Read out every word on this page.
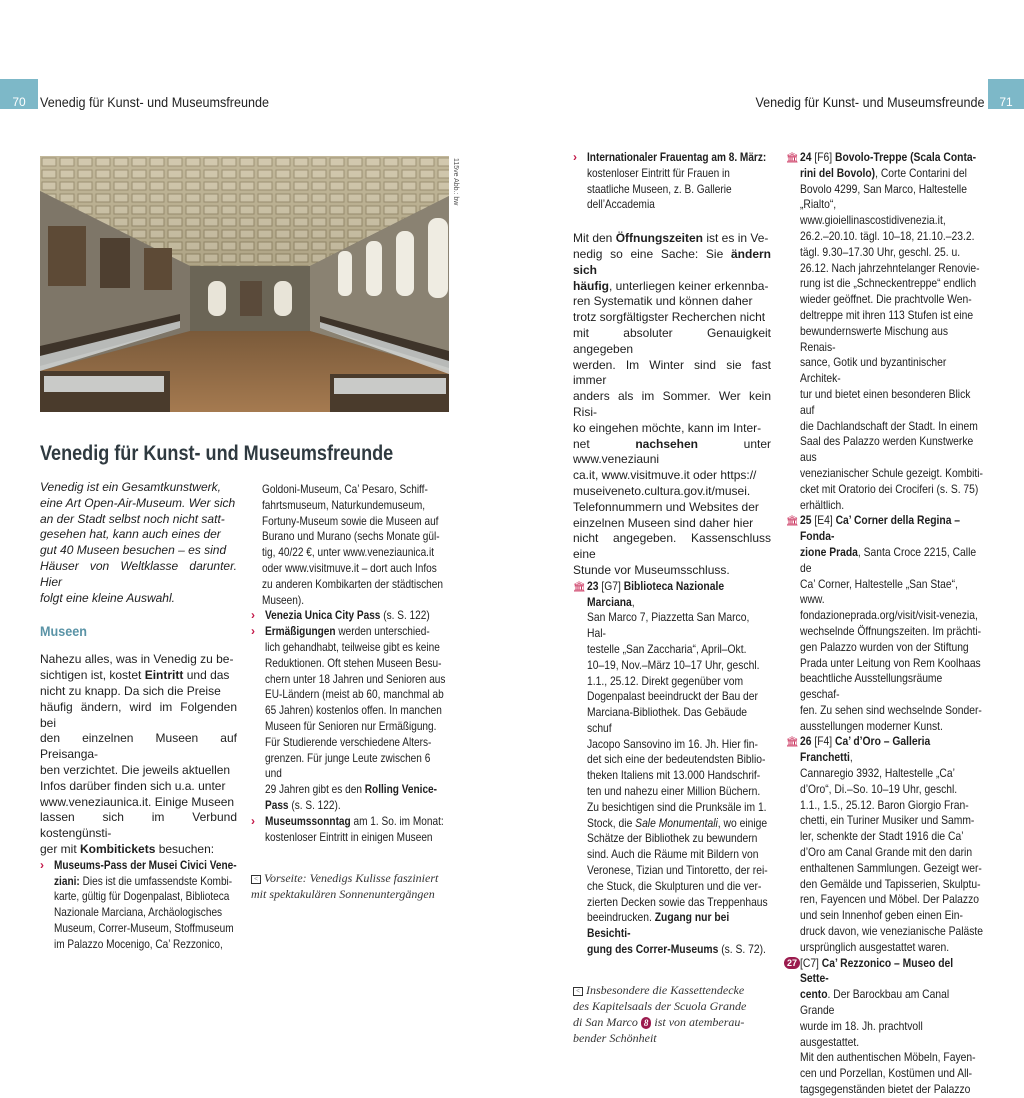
70	Venedig für Kunst- und Museumsfreunde	Venedig für Kunst- und Museumsfreunde	71
115ve Abb.: bw
Venedig für Kunst- und Museumsfreunde
Venedig ist ein Gesamtkunstwerk,
eine Art Open-Air-Museum. Wer sich
an der Stadt selbst noch nicht satt-
gesehen hat, kann auch eines der
gut 40 Museen besuchen – es sind
Häuser von Weltklasse darunter. Hier
folgt eine kleine Auswahl.
Museen
Nahezu alles, was in Venedig zu be-
sichtigen ist, kostet Eintritt und das
nicht zu knapp. Da sich die Preise
häufig ändern, wird im Folgenden bei
den einzelnen Museen auf Preisanga-
ben verzichtet. Die jeweils aktuellen
Infos darüber finden sich u.a. unter
www.veneziaunica.it. Einige Museen
lassen sich im Verbund kostengünsti-
ger mit Kombitickets besuchen:
› Museums-Pass der Musei Civici Vene-
ziani: Dies ist die umfassendste Kombi-
karte, gültig für Dogenpalast, Biblioteca
Nazionale Marciana, Archäologisches
Museum, Correr-Museum, Stoffmuseum
im Palazzo Mocenigo, Ca’ Rezzonico,
Goldoni-Museum, Ca’ Pesaro, Schiff-
fahrtsmuseum, Naturkundemuseum,
Fortuny-Museum sowie die Museen auf
Burano und Murano (sechs Monate gül-
tig, 40/22 €, unter www.veneziaunica.it
oder www.visitmuve.it – dort auch Infos
zu anderen Kombikarten der städtischen
Museen).
› Venezia Unica City Pass (s. S. 122)
› Ermäßigungen werden unterschied-
lich gehandhabt, teilweise gibt es keine
Reduktionen. Oft stehen Museen Besu-
chern unter 18 Jahren und Senioren aus
EU-Ländern (meist ab 60, manchmal ab
65 Jahren) kostenlos offen. In manchen
Museen für Senioren nur Ermäßigung.
Für Studierende verschiedene Alters-
grenzen. Für junge Leute zwischen 6 und
29 Jahren gibt es den Rolling Venice-
Pass (s. S. 122).
› Museumssonntag am 1. So. im Monat:
kostenloser Eintritt in einigen Museen
< Vorseite: Venedigs Kulisse fasziniert
mit spektakulären Sonnenuntergängen
› Internationaler Frauentag am 8. März:
kostenloser Eintritt für Frauen in
staatliche Museen, z. B. Gallerie
dell’Accademia
Mit den Öffnungszeiten ist es in Ve-
nedig so eine Sache: Sie ändern sich
häufig, unterliegen keiner erkennba-
ren Systematik und können daher
trotz sorgfältigster Recherchen nicht
mit absoluter Genauigkeit angegeben
werden. Im Winter sind sie fast immer
anders als im Sommer. Wer kein Risi-
ko eingehen möchte, kann im Inter-
net nachsehen unter www.veneziauni
ca.it, www.visitmuve.it oder https://
museiveneto.cultura.gov.it/musei.
Telefonnummern und Websites der
einzelnen Museen sind daher hier
nicht angegeben. Kassenschluss eine
Stunde vor Museumsschluss.
🏛 23 [G7] Biblioteca Nazionale Marciana,
San Marco 7, Piazzetta San Marco, Hal-
testelle „San Zaccharia“, April–Okt.
10–19, Nov.–März 10–17 Uhr, geschl.
1.1., 25.12. Direkt gegenüber vom
Dogenpalast beeindruckt der Bau der
Marciana-Bibliothek. Das Gebäude schuf
Jacopo Sansovino im 16. Jh. Hier fin-
det sich eine der bedeutendsten Biblio-
theken Italiens mit 13.000 Handschrif-
ten und nahezu einer Million Büchern.
Zu besichtigen sind die Prunksäle im 1.
Stock, die Sale Monumentali, wo einige
Schätze der Bibliothek zu bewundern
sind. Auch die Räume mit Bildern von
Veronese, Tizian und Tintoretto, der rei-
che Stuck, die Skulpturen und die ver-
zierten Decken sowie das Treppenhaus
beeindrucken. Zugang nur bei Besichti-
gung des Correr-Museums (s. S. 72).
< Insbesondere die Kassettendecke
des Kapitelsaals der Scuola Grande
di San Marco 8 ist von atemberau-
bender Schönheit
🏛 24 [F6] Bovolo-Treppe (Scala Conta-
rini del Bovolo), Corte Contarini del
Bovolo 4299, San Marco, Haltestelle
„Rialto“, www.gioiellinascostidivenezia.it,
26.2.–20.10. tägl. 10–18, 21.10.–23.2.
tägl. 9.30–17.30 Uhr, geschl. 25. u.
26.12. Nach jahrzehntelanger Renovie-
rung ist die „Schneckentreppe“ endlich
wieder geöffnet. Die prachtvolle Wen-
deltreppe mit ihren 113 Stufen ist eine
bewundernswerte Mischung aus Renais-
sance, Gotik und byzantinischer Architek-
tur und bietet einen besonderen Blick auf
die Dachlandschaft der Stadt. In einem
Saal des Palazzo werden Kunstwerke aus
venezianischer Schule gezeigt. Kombiti-
cket mit Oratorio dei Crociferi (s. S. 75)
erhältlich.
🏛 25 [E4] Ca’ Corner della Regina – Fonda-
zione Prada, Santa Croce 2215, Calle de
Ca’ Corner, Haltestelle „San Stae“, www.
fondazioneprada.org/visit/visit-venezia,
wechselnde Öffnungszeiten. Im prächti-
gen Palazzo wurden von der Stiftung
Prada unter Leitung von Rem Koolhaas
beachtliche Ausstellungsräume geschaf-
fen. Zu sehen sind wechselnde Sonder-
ausstellungen moderner Kunst.
🏛 26 [F4] Ca’ d’Oro – Galleria Franchetti,
Cannaregio 3932, Haltestelle „Ca’
d’Oro“, Di.–So. 10–19 Uhr, geschl.
1.1., 1.5., 25.12. Baron Giorgio Fran-
chetti, ein Turiner Musiker und Samm-
ler, schenkte der Stadt 1916 die Ca’
d’Oro am Canal Grande mit den darin
enthaltenen Sammlungen. Gezeigt wer-
den Gemälde und Tapisserien, Skulptu-
ren, Fayencen und Möbel. Der Palazzo
und sein Innenhof geben einen Ein-
druck davon, wie venezianische Paläste
ursprünglich ausgestattet waren.
27 [C7] Ca’ Rezzonico – Museo del Sette-
cento. Der Barockbau am Canal Grande
wurde im 18. Jh. prachtvoll ausgestattet.
Mit den authentischen Möbeln, Fayen-
cen und Porzellan, Kostümen und All-
tagsgegenständen bietet der Palazzo
